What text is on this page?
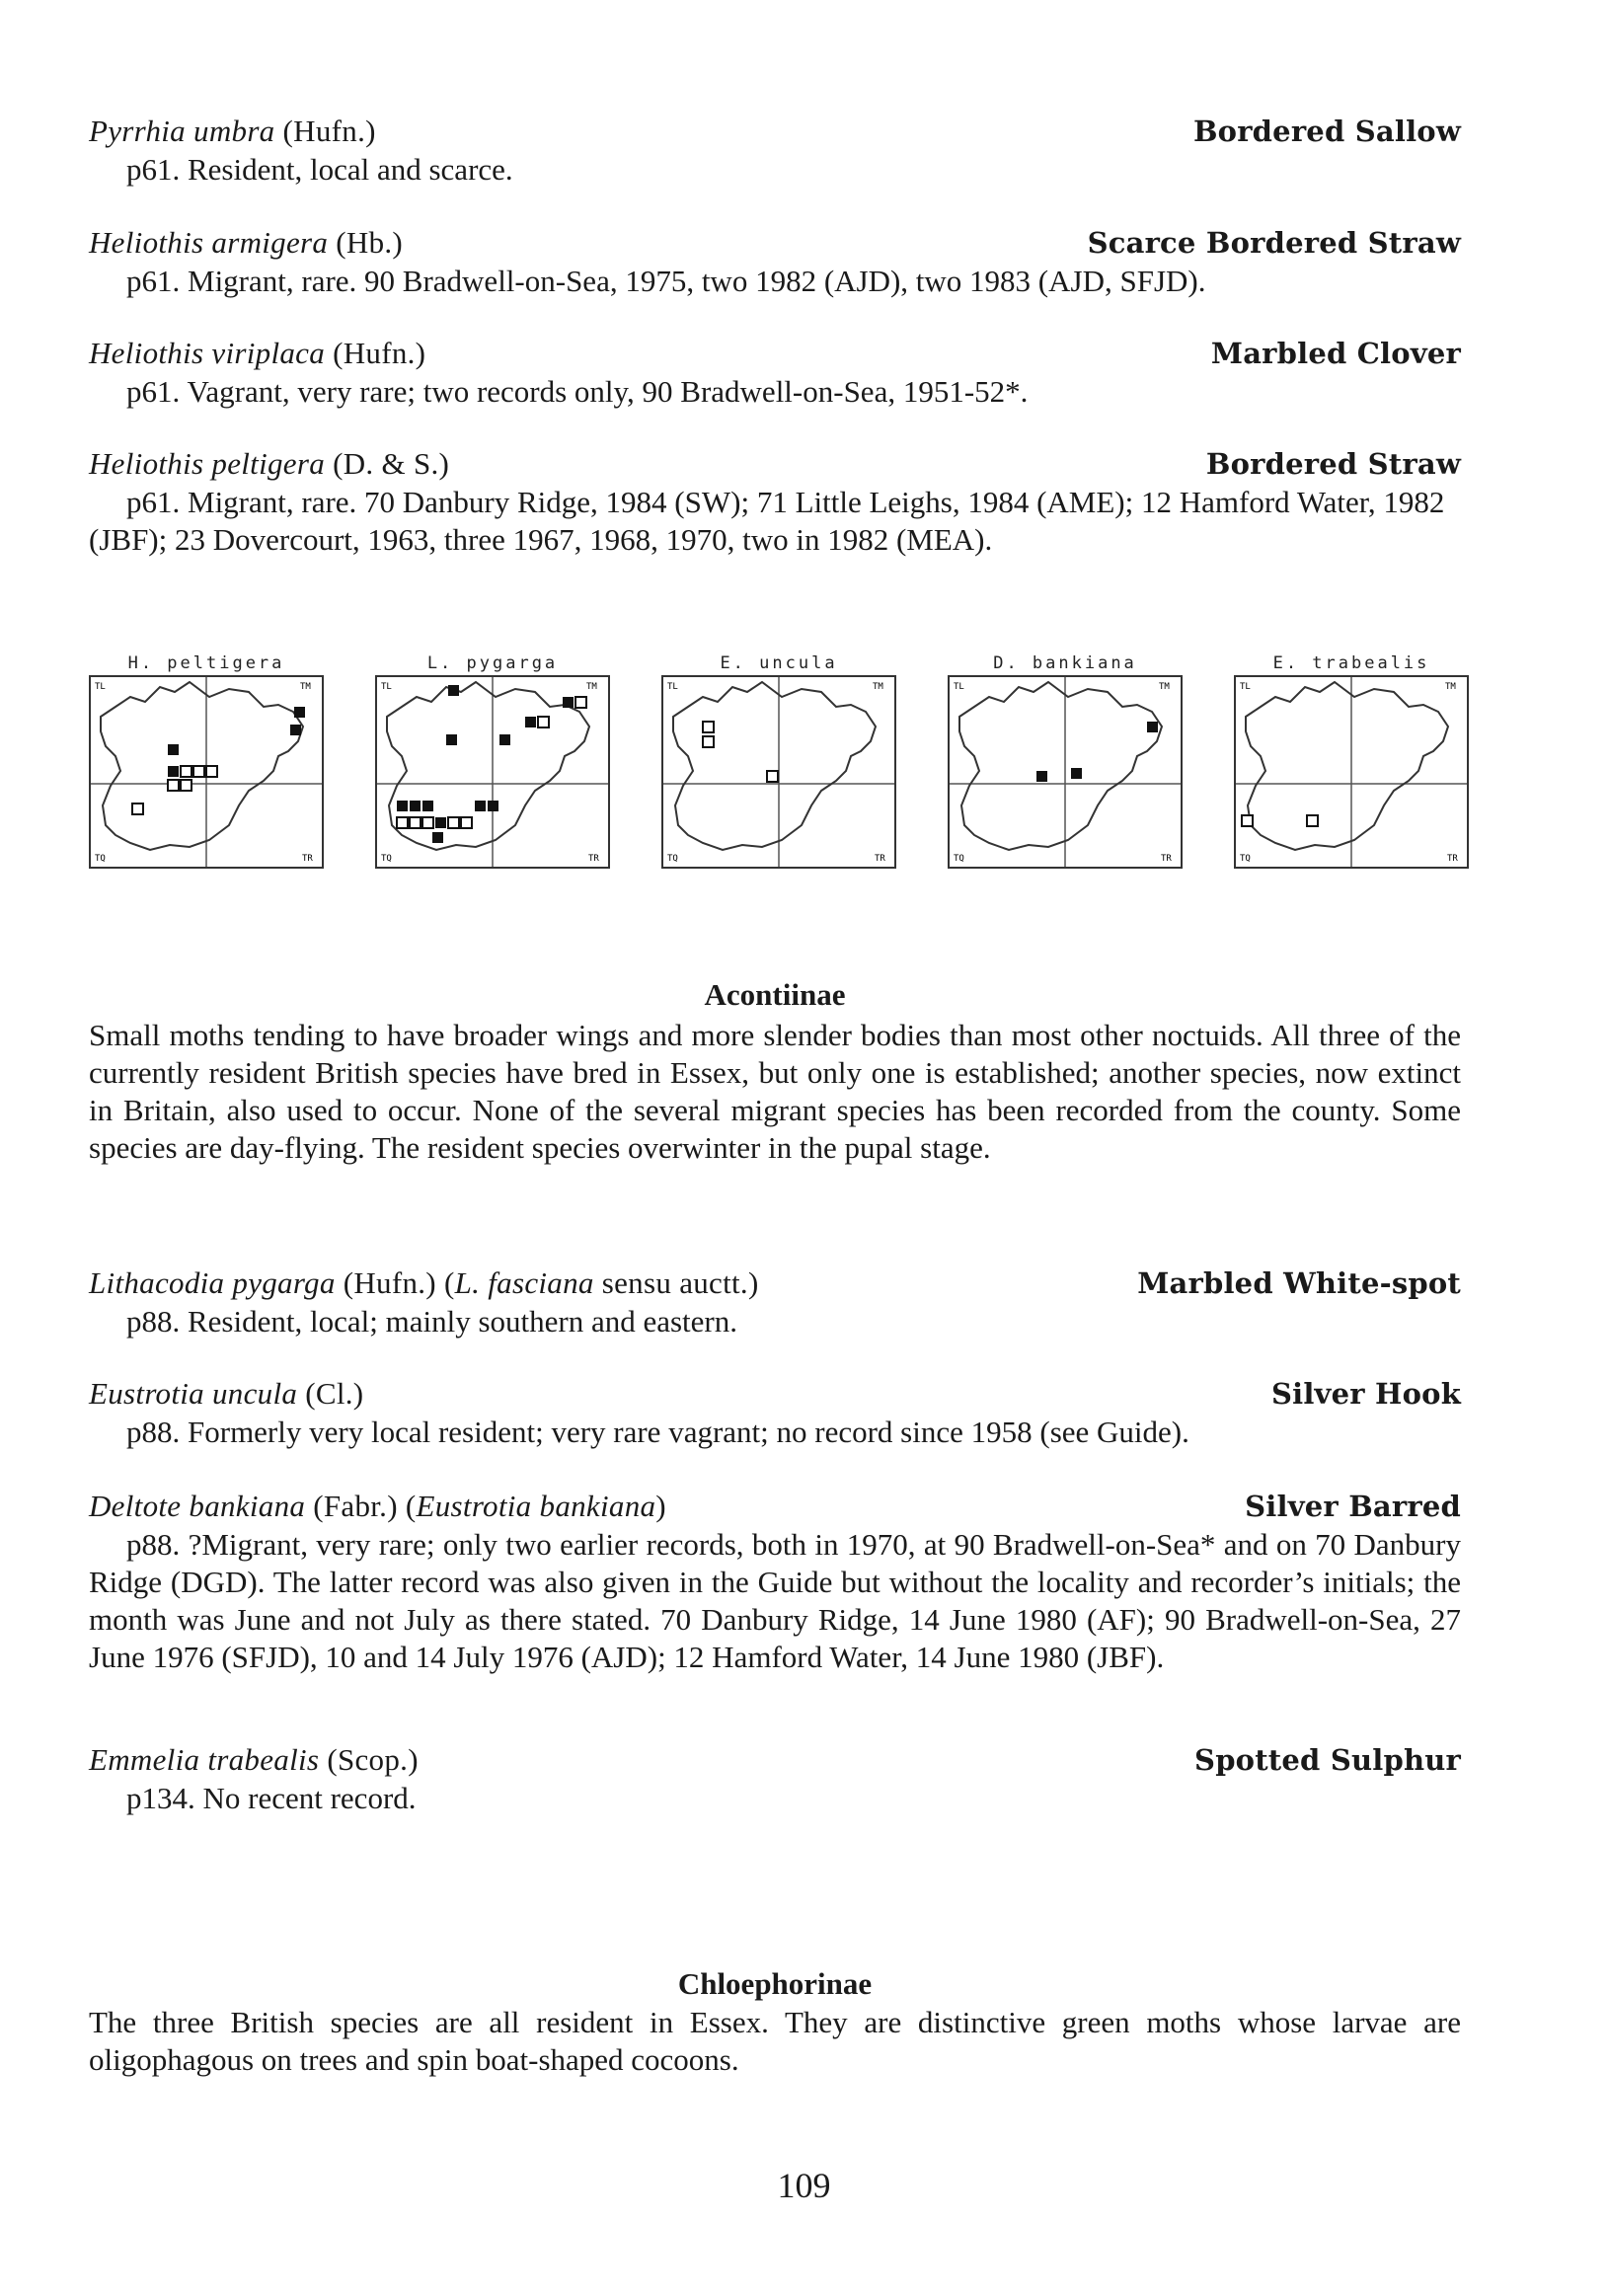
Pyrrhia umbra (Hufn.)	Bordered Sallow
p61. Resident, local and scarce.
Heliothis armigera (Hb.)	Scarce Bordered Straw
p61. Migrant, rare. 90 Bradwell-on-Sea, 1975, two 1982 (AJD), two 1983 (AJD, SFJD).
Heliothis viriplaca (Hufn.)	Marbled Clover
p61. Vagrant, very rare; two records only, 90 Bradwell-on-Sea, 1951-52*.
Heliothis peltigera (D. & S.)	Bordered Straw
p61. Migrant, rare. 70 Danbury Ridge, 1984 (SW); 71 Little Leighs, 1984 (AME); 12 Hamford Water, 1982 (JBF); 23 Dovercourt, 1963, three 1967, 1968, 1970, two in 1982 (MEA).
H. peltigera
TL	TM
TQ	TR
L. pygarga
TL	TM
TQ	TR
E. uncula
TL	TM
TQ	TR
D. bankiana
TL	TM
TQ	TR
E. trabealis
TL	TM
TQ	TR
Acontiinae
Small moths tending to have broader wings and more slender bodies than most other noctuids. All three of the currently resident British species have bred in Essex, but only one is established; another species, now extinct in Britain, also used to occur. None of the several migrant species has been recorded from the county. Some species are day-flying. The resident species overwinter in the pupal stage.
Lithacodia pygarga (Hufn.) (L. fasciana sensu auctt.)	Marbled White-spot
p88. Resident, local; mainly southern and eastern.
Eustrotia uncula (Cl.)	Silver Hook
p88. Formerly very local resident; very rare vagrant; no record since 1958 (see Guide).
Deltote bankiana (Fabr.) (Eustrotia bankiana)	Silver Barred
p88. ?Migrant, very rare; only two earlier records, both in 1970, at 90 Bradwell-on-Sea* and on 70 Danbury Ridge (DGD). The latter record was also given in the Guide but without the locality and recorder’s initials; the month was June and not July as there stated. 70 Danbury Ridge, 14 June 1980 (AF); 90 Bradwell-on-Sea, 27 June 1976 (SFJD), 10 and 14 July 1976 (AJD); 12 Hamford Water, 14 June 1980 (JBF).
Emmelia trabealis (Scop.)	Spotted Sulphur
p134. No recent record.
Chloephorinae
The three British species are all resident in Essex. They are distinctive green moths whose larvae are oligophagous on trees and spin boat-shaped cocoons.
109
